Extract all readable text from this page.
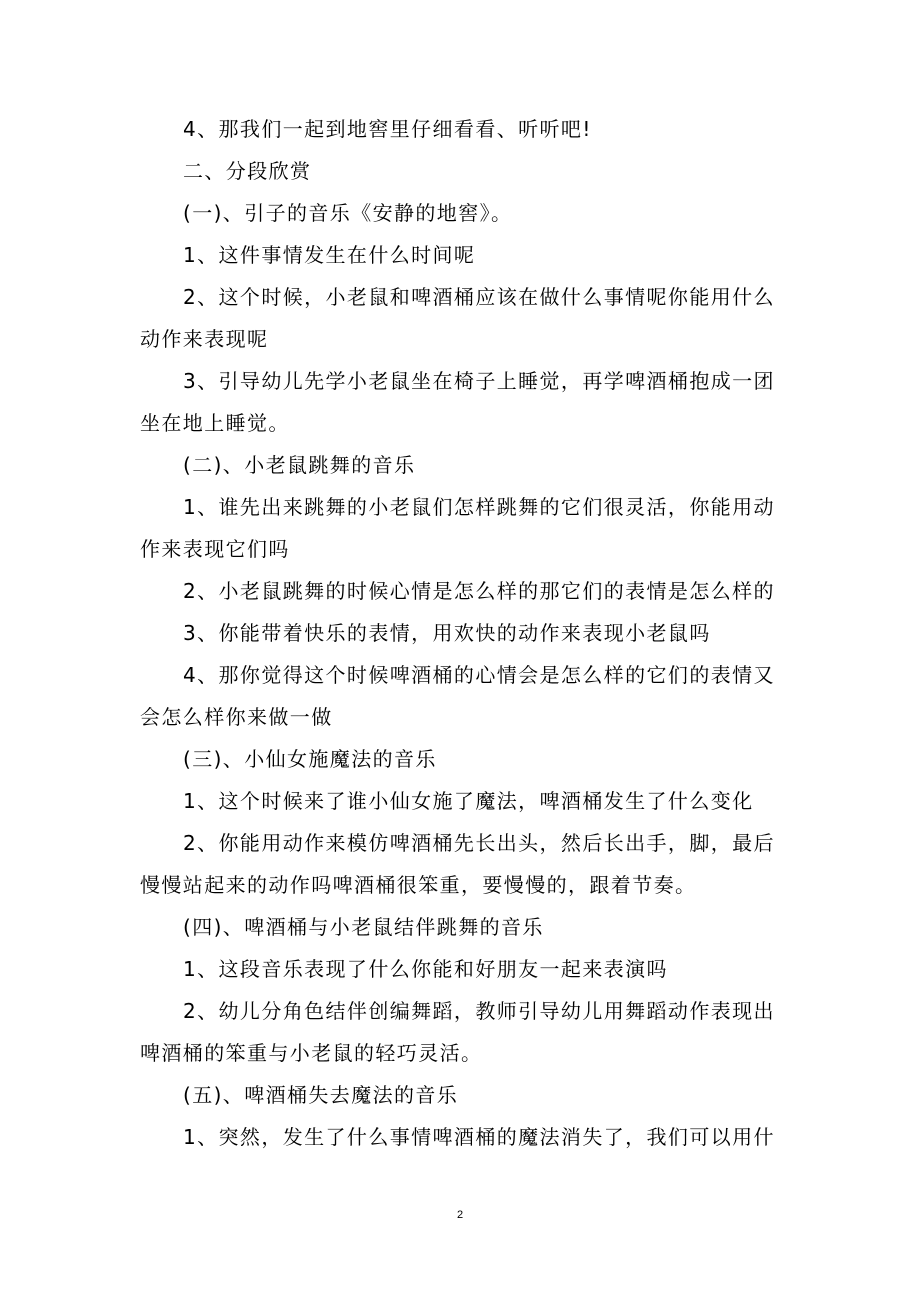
4、那我们一起到地窖里仔细看看、听听吧!

二、分段欣赏

(一)、引子的音乐《安静的地窖》。

1、这件事情发生在什么时间呢

2、这个时候，小老鼠和啤酒桶应该在做什么事情呢你能用什么动作来表现呢

3、引导幼儿先学小老鼠坐在椅子上睡觉，再学啤酒桶抱成一团坐在地上睡觉。

(二)、小老鼠跳舞的音乐

1、谁先出来跳舞的小老鼠们怎样跳舞的它们很灵活，你能用动作来表现它们吗

2、小老鼠跳舞的时候心情是怎么样的那它们的表情是怎么样的

3、你能带着快乐的表情，用欢快的动作来表现小老鼠吗

4、那你觉得这个时候啤酒桶的心情会是怎么样的它们的表情又会怎么样你来做一做

(三)、小仙女施魔法的音乐

1、这个时候来了谁小仙女施了魔法，啤酒桶发生了什么变化

2、你能用动作来模仿啤酒桶先长出头，然后长出手，脚，最后慢慢站起来的动作吗啤酒桶很笨重，要慢慢的，跟着节奏。

(四)、啤酒桶与小老鼠结伴跳舞的音乐

1、这段音乐表现了什么你能和好朋友一起来表演吗

2、幼儿分角色结伴创编舞蹈，教师引导幼儿用舞蹈动作表现出啤酒桶的笨重与小老鼠的轻巧灵活。

(五)、啤酒桶失去魔法的音乐

1、突然，发生了什么事情啤酒桶的魔法消失了，我们可以用什

2
